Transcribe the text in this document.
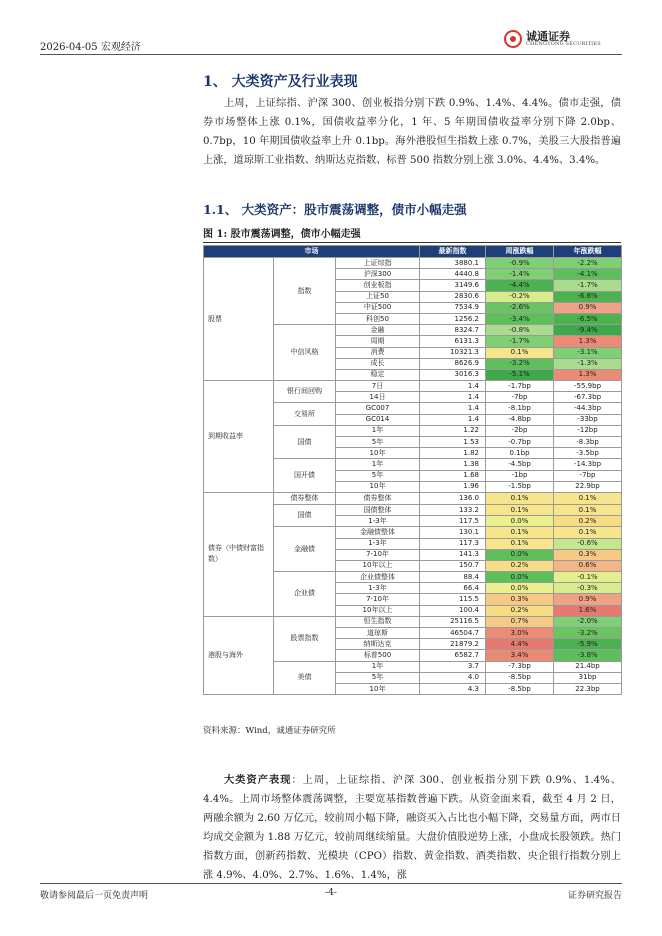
2026-04-05 宏观经济
诚通证券
CHENGTONG SECURITIES
1、 大类资产及行业表现

上周，上证综指、沪深 300、创业板指分别下跌 0.9%、1.4%、4.4%。债市走强，债券市场整体上涨 0.1%，国债收益率分化，1 年、5 年期国债收益率分别下降 2.0bp、0.7bp，10 年期国债收益率上升 0.1bp。海外港股恒生指数上涨 0.7%，美股三大股指普遍上涨，道琼斯工业指数、纳斯达克指数、标普 500 指数分别上涨 3.0%、4.4%、3.4%。

1.1、 大类资产：股市震荡调整，债市小幅走强
图 1: 股市震荡调整，债市小幅走强
市场			最新指数	周涨跌幅	年涨跌幅
股票	指数	上证综指	3880.1	-0.9%	-2.2%
		沪深300	4440.8	-1.4%	-4.1%
		创业板指	3149.6	-4.4%	-1.7%
		上证50	2830.6	-0.2%	-6.6%
		中证500	7534.9	-2.6%	0.9%
		科创50	1256.2	-3.4%	-6.5%
	中信风格	金融	8324.7	-0.8%	-9.4%
		周期	6131.3	-1.7%	1.3%
		消费	10321.3	0.1%	-3.1%
		成长	8626.9	-3.2%	-1.3%
		稳定	3016.3	-5.1%	1.3%
到期收益率	银行间回购	7日	1.4	-1.7bp	-55.9bp
		14日	1.4	-7bp	-67.3bp
	交易所	GC007	1.4	-8.1bp	-44.3bp
		GC014	1.4	-4.8bp	-33bp
	国债	1年	1.22	-2bp	-12bp
		5年	1.53	-0.7bp	-8.3bp
		10年	1.82	0.1bp	-3.5bp
	国开债	1年	1.38	-4.5bp	-14.3bp
		5年	1.68	-1bp	-7bp
		10年	1.96	-1.5bp	22.9bp
债券（中债财富指数）	债券整体	债券整体	136.0	0.1%	0.1%
	国债	国债整体	133.2	0.1%	0.1%
		1-3年	117.5	0.0%	0.2%
	金融债	金融债整体	130.1	0.1%	0.1%
		1-3年	117.3	0.1%	-0.6%
		7-10年	141.3	0.0%	0.3%
		10年以上	150.7	0.2%	0.6%
	企业债	企业债整体	88.4	0.0%	-0.1%
		1-3年	66.4	0.0%	-0.3%
		7-10年	115.5	0.3%	0.9%
		10年以上	100.4	0.2%	1.6%
港股与海外	股票指数	恒生指数	25116.5	0.7%	-2.0%
		道琼斯	46504.7	3.0%	-3.2%
		纳斯达克	21879.2	4.4%	-5.9%
		标普500	6582.7	3.4%	-3.8%
	美债	1年	3.7	-7.3bp	21.4bp
		5年	4.0	-8.5bp	31bp
		10年	4.3	-8.5bp	22.3bp
资料来源：Wind，诚通证券研究所

大类资产表现：上周，上证综指、沪深 300、创业板指分别下跌 0.9%、1.4%、4.4%。上周市场整体震荡调整，主要宽基指数普遍下跌。从资金面来看，截至 4 月 2 日，两融余额为 2.60 万亿元，较前周小幅下降，融资买入占比也小幅下降，交易量方面，两市日均成交金额为 1.88 万亿元，较前周继续缩量。大盘价值股逆势上涨，小盘成长股领跌。热门指数方面，创新药指数、光模块（CPO）指数、黄金指数、酒类指数、央企银行指数分别上涨 4.9%、4.0%、2.7%、1.6%、1.4%，涨

敬请参阅最后一页免责声明	-4-	证券研究报告
